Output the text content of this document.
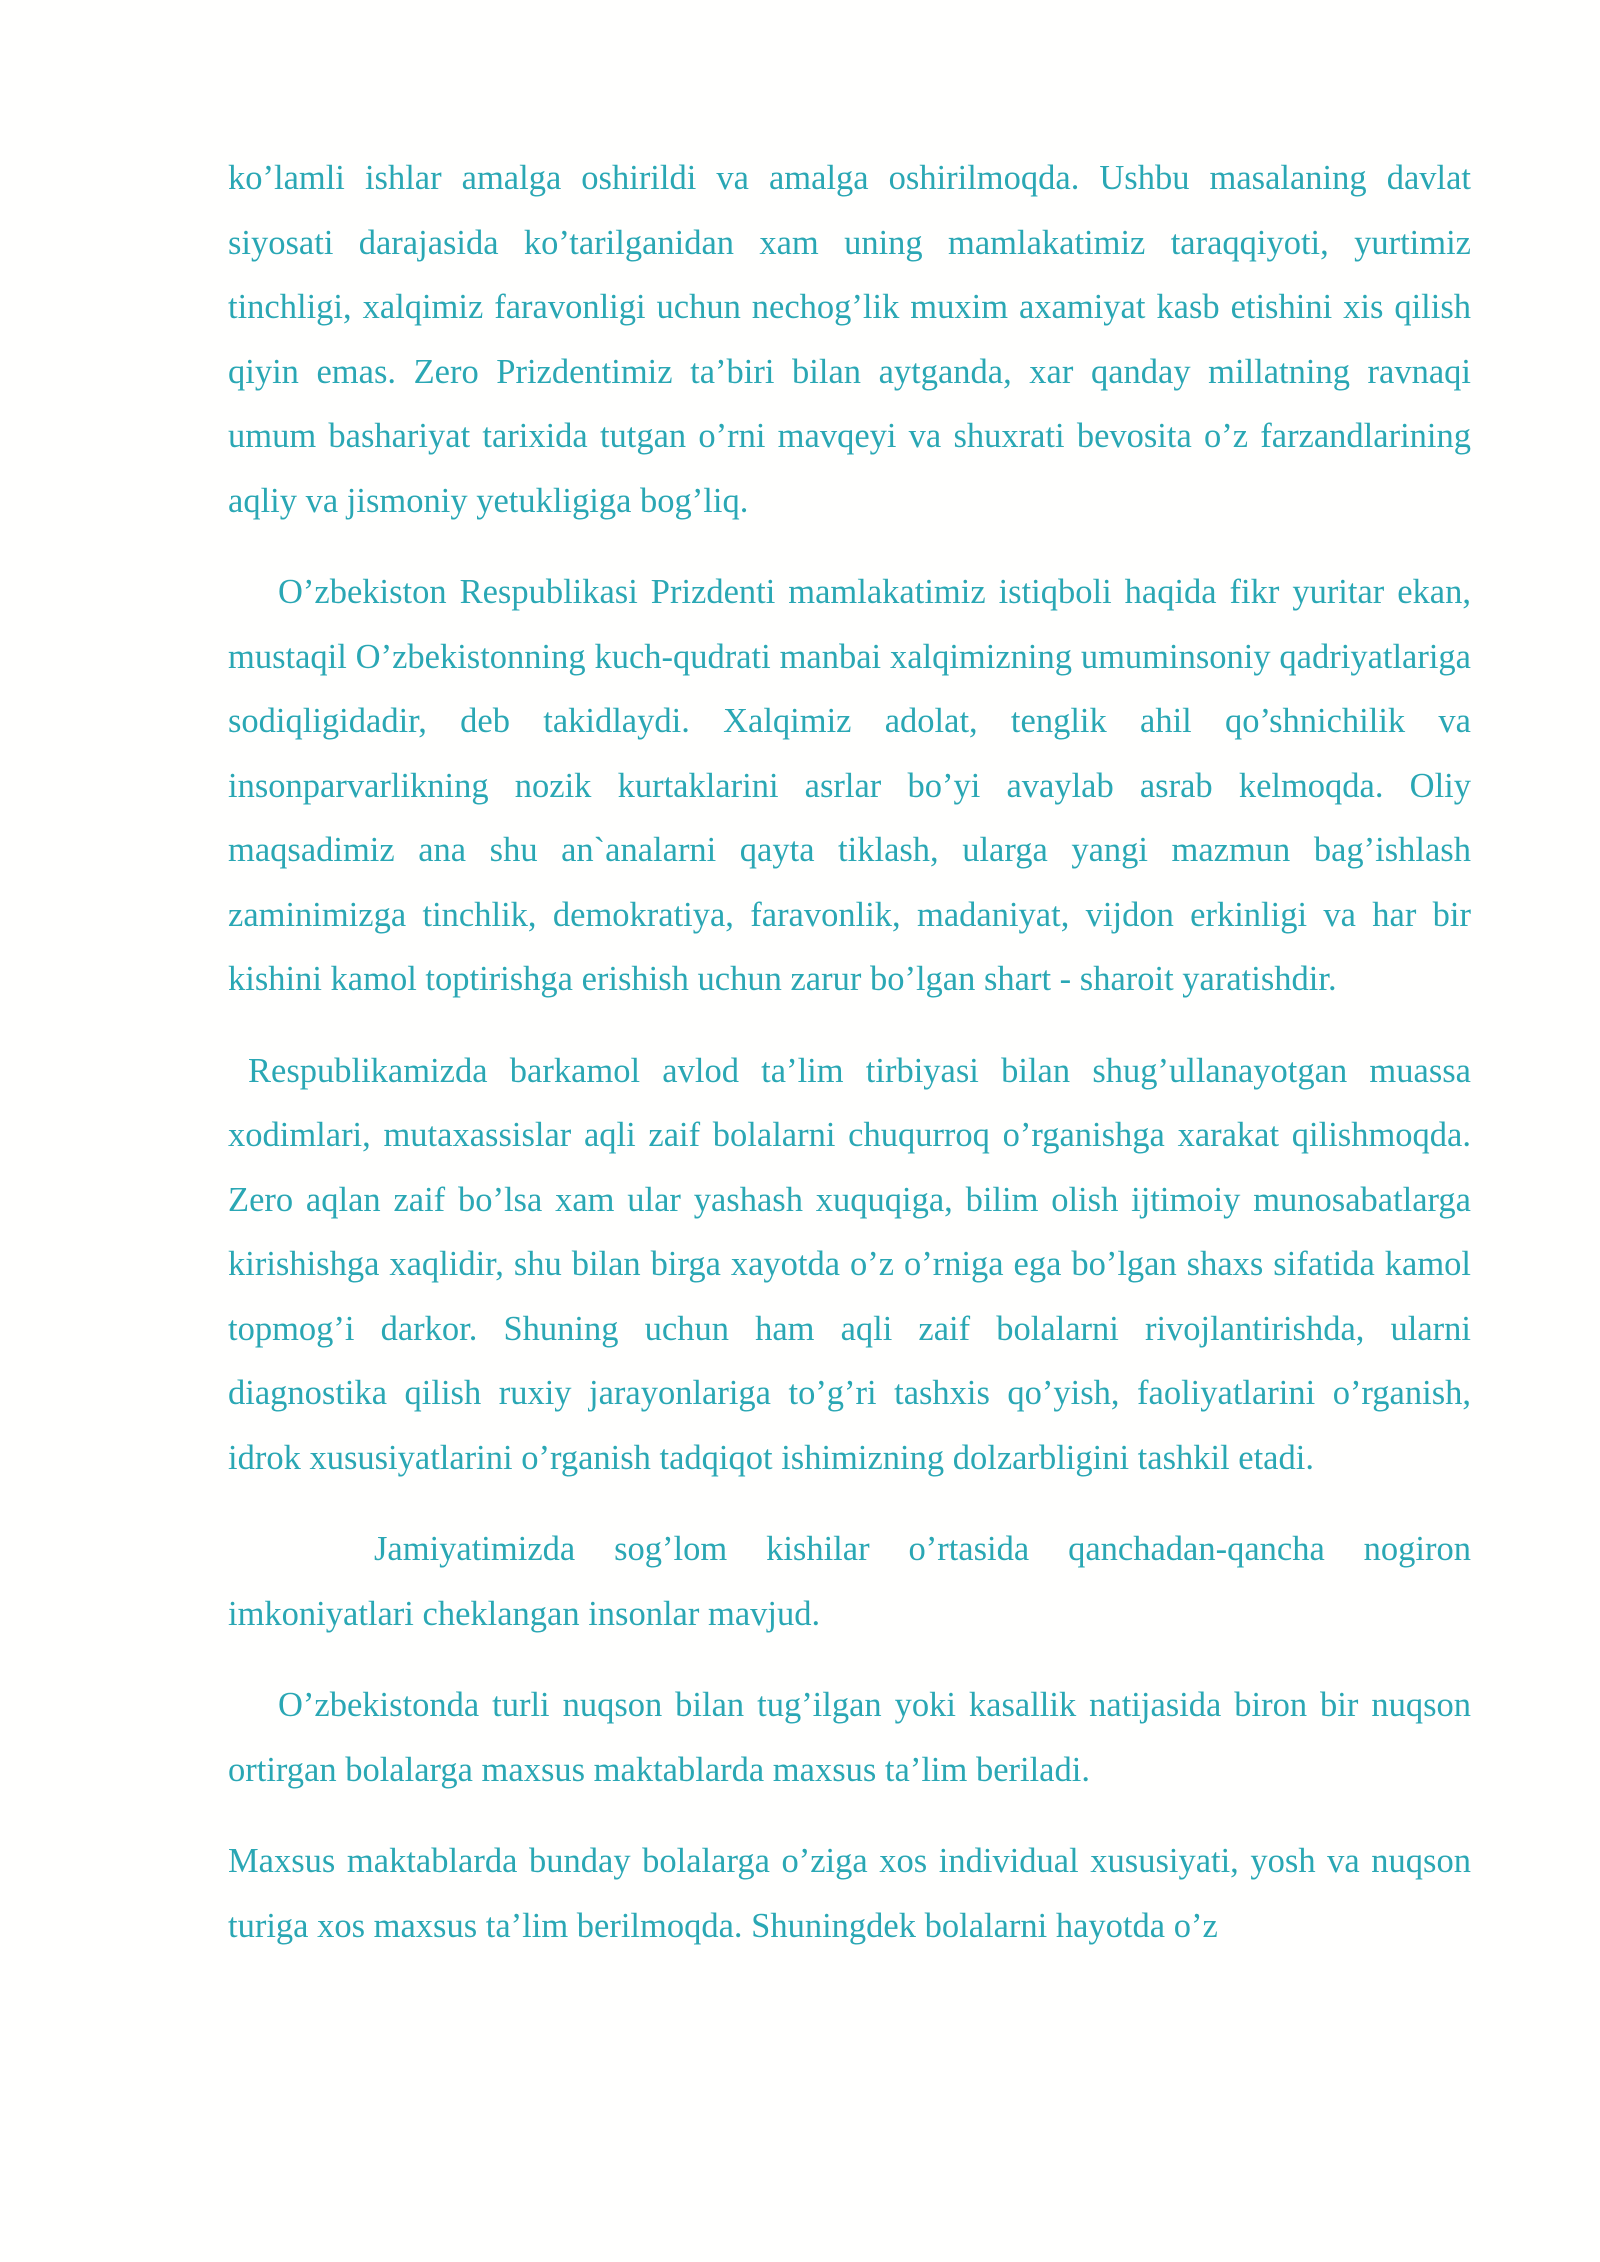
ko’lamli ishlar amalga oshirildi va amalga oshirilmoqda. Ushbu masalaning davlat siyosati darajasida ko’tarilganidan xam uning mamlakatimiz taraqqiyoti, yurtimiz tinchligi, xalqimiz faravonligi uchun nechog’lik muxim axamiyat kasb etishini xis qilish qiyin emas. Zero Prizdentimiz ta’biri bilan aytganda, xar qanday millatning ravnaqi umum bashariyat tarixida tutgan o’rni mavqeyi va shuxrati bevosita o’z farzandlarining aqliy va jismoniy yetukligiga bog’liq.

O’zbekiston Respublikasi Prizdenti mamlakatimiz istiqboli haqida fikr yuritar ekan, mustaqil O’zbekistonning kuch-qudrati manbai xalqimizning umuminsoniy qadriyatlariga sodiqligidadir, deb takidlaydi. Xalqimiz adolat, tenglik ahil qo’shnichilik va insonparvarlikning nozik kurtaklarini asrlar bo’yi avaylab asrab kelmoqda. Oliy maqsadimiz ana shu an`analarni qayta tiklash, ularga yangi mazmun bag’ishlash zaminimizga tinchlik, demokratiya, faravonlik, madaniyat, vijdon erkinligi va har bir kishini kamol toptirishga erishish uchun zarur bo’lgan shart - sharoit yaratishdir.

Respublikamizda barkamol avlod ta’lim tirbiyasi bilan shug’ullanayotgan muassa xodimlari, mutaxassislar aqli zaif bolalarni chuqurroq o’rganishga xarakat qilishmoqda. Zero aqlan zaif bo’lsa xam ular yashash xuquqiga, bilim olish ijtimoiy munosabatlarga kirishishga xaqlidir, shu bilan birga xayotda o’z o’rniga ega bo’lgan shaxs sifatida kamol topmog’i darkor. Shuning uchun ham aqli zaif bolalarni rivojlantirishda, ularni diagnostika qilish ruxiy jarayonlariga to’g’ri tashxis qo’yish, faoliyatlarini o’rganish, idrok xususiyatlarini o’rganish tadqiqot ishimizning dolzarbligini tashkil etadi.

Jamiyatimizda sog’lom kishilar o’rtasida qanchadan-qancha nogiron imkoniyatlari cheklangan insonlar mavjud.

O’zbekistonda turli nuqson bilan tug’ilgan yoki kasallik natijasida biron bir nuqson ortirgan bolalarga maxsus maktablarda maxsus ta’lim beriladi.

Maxsus maktablarda bunday bolalarga o’ziga xos individual xususiyati, yosh va nuqson turiga xos maxsus ta’lim berilmoqda. Shuningdek bolalarni hayotda o’z
